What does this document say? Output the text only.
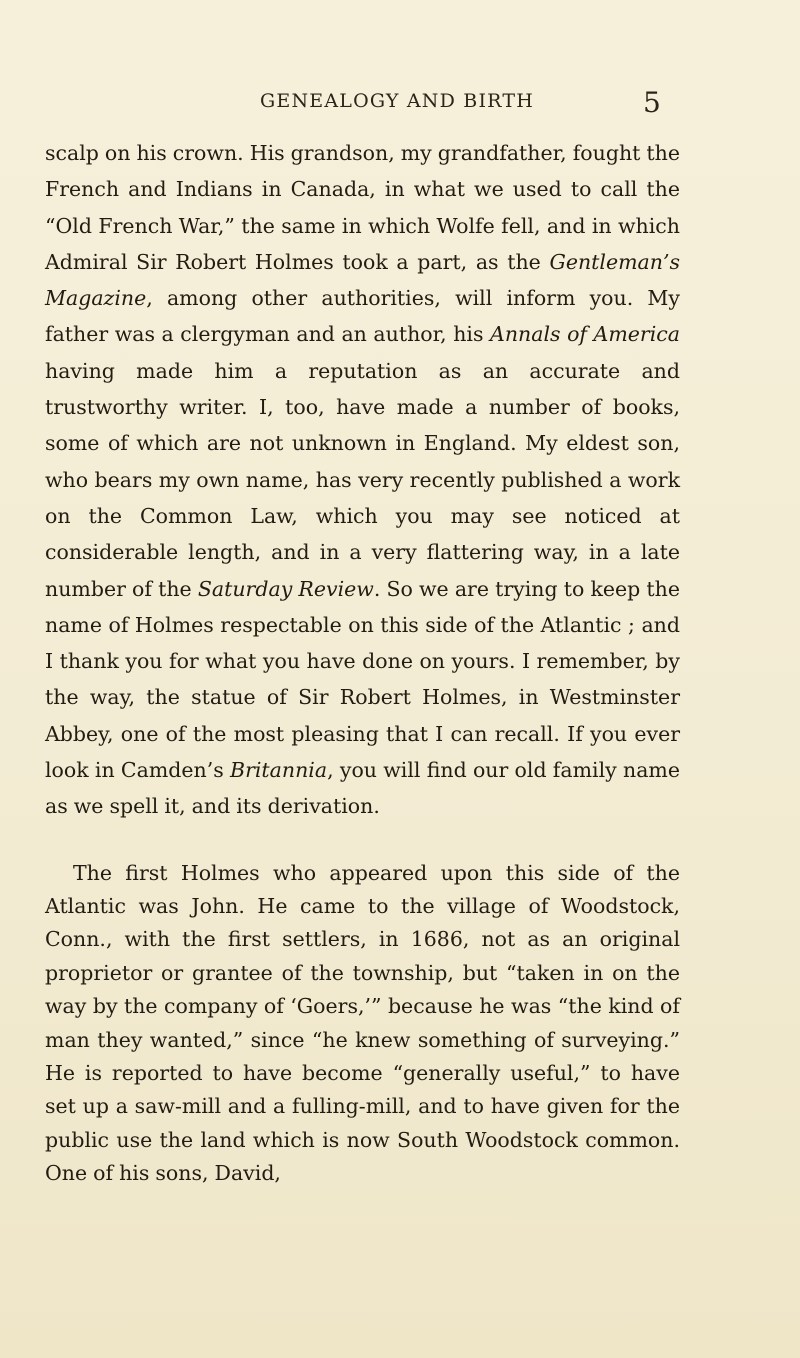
GENEALOGY AND BIRTH	5

scalp on his crown. His grandson, my grandfather, fought the French and Indians in Canada, in what we used to call the “Old French War,” the same in which Wolfe fell, and in which Admiral Sir Robert Holmes took a part, as the Gentleman’s Magazine, among other authorities, will inform you. My father was a clergyman and an author, his Annals of America having made him a reputation as an accurate and trustworthy writer. I, too, have made a number of books, some of which are not unknown in England. My eldest son, who bears my own name, has very recently published a work on the Common Law, which you may see noticed at considerable length, and in a very flattering way, in a late number of the Saturday Review. So we are trying to keep the name of Holmes respectable on this side of the Atlantic ; and I thank you for what you have done on yours. I remember, by the way, the statue of Sir Robert Holmes, in Westminster Abbey, one of the most pleasing that I can recall. If you ever look in Camden’s Britannia, you will find our old family name as we spell it, and its derivation.

The first Holmes who appeared upon this side of the Atlantic was John. He came to the village of Woodstock, Conn., with the first settlers, in 1686, not as an original proprietor or grantee of the township, but “taken in on the way by the company of ‘Goers,’” because he was “the kind of man they wanted,” since “he knew something of surveying.” He is reported to have become “generally useful,” to have set up a saw-mill and a fulling-mill, and to have given for the public use the land which is now South Woodstock common. One of his sons, David,
